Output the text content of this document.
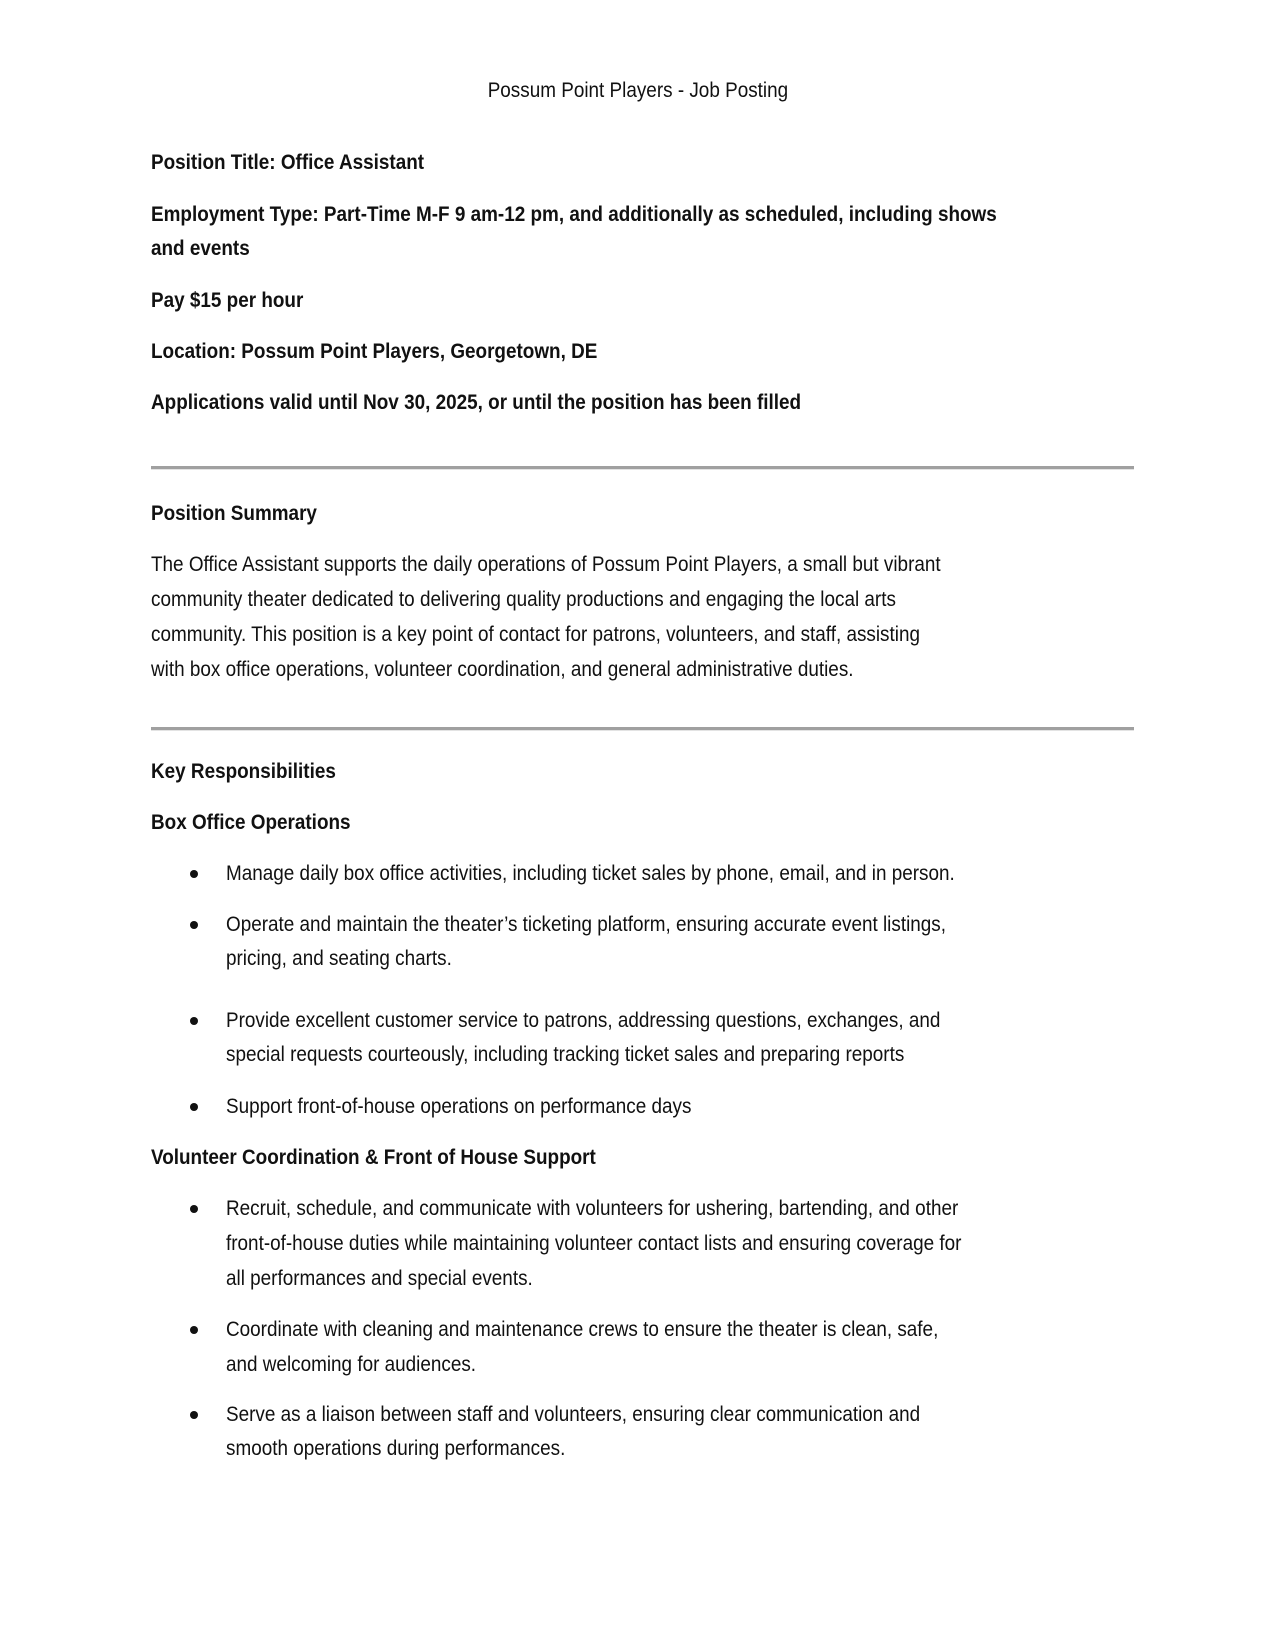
Possum Point Players - Job Posting
Position Title: Office Assistant
Employment Type: Part-Time M-F 9 am-12 pm, and additionally as scheduled, including shows
and events
Pay $15 per hour
Location: Possum Point Players, Georgetown, DE
Applications valid until Nov 30, 2025, or until the position has been filled
Position Summary
The Office Assistant supports the daily operations of Possum Point Players, a small but vibrant
community theater dedicated to delivering quality productions and engaging the local arts
community. This position is a key point of contact for patrons, volunteers, and staff, assisting
with box office operations, volunteer coordination, and general administrative duties.
Key Responsibilities
Box Office Operations
Manage daily box office activities, including ticket sales by phone, email, and in person.
Operate and maintain the theater’s ticketing platform, ensuring accurate event listings,
pricing, and seating charts.
Provide excellent customer service to patrons, addressing questions, exchanges, and
special requests courteously, including tracking ticket sales and preparing reports
Support front-of-house operations on performance days
Volunteer Coordination & Front of House Support
Recruit, schedule, and communicate with volunteers for ushering, bartending, and other
front-of-house duties while maintaining volunteer contact lists and ensuring coverage for
all performances and special events.
Coordinate with cleaning and maintenance crews to ensure the theater is clean, safe,
and welcoming for audiences.
Serve as a liaison between staff and volunteers, ensuring clear communication and
smooth operations during performances.
